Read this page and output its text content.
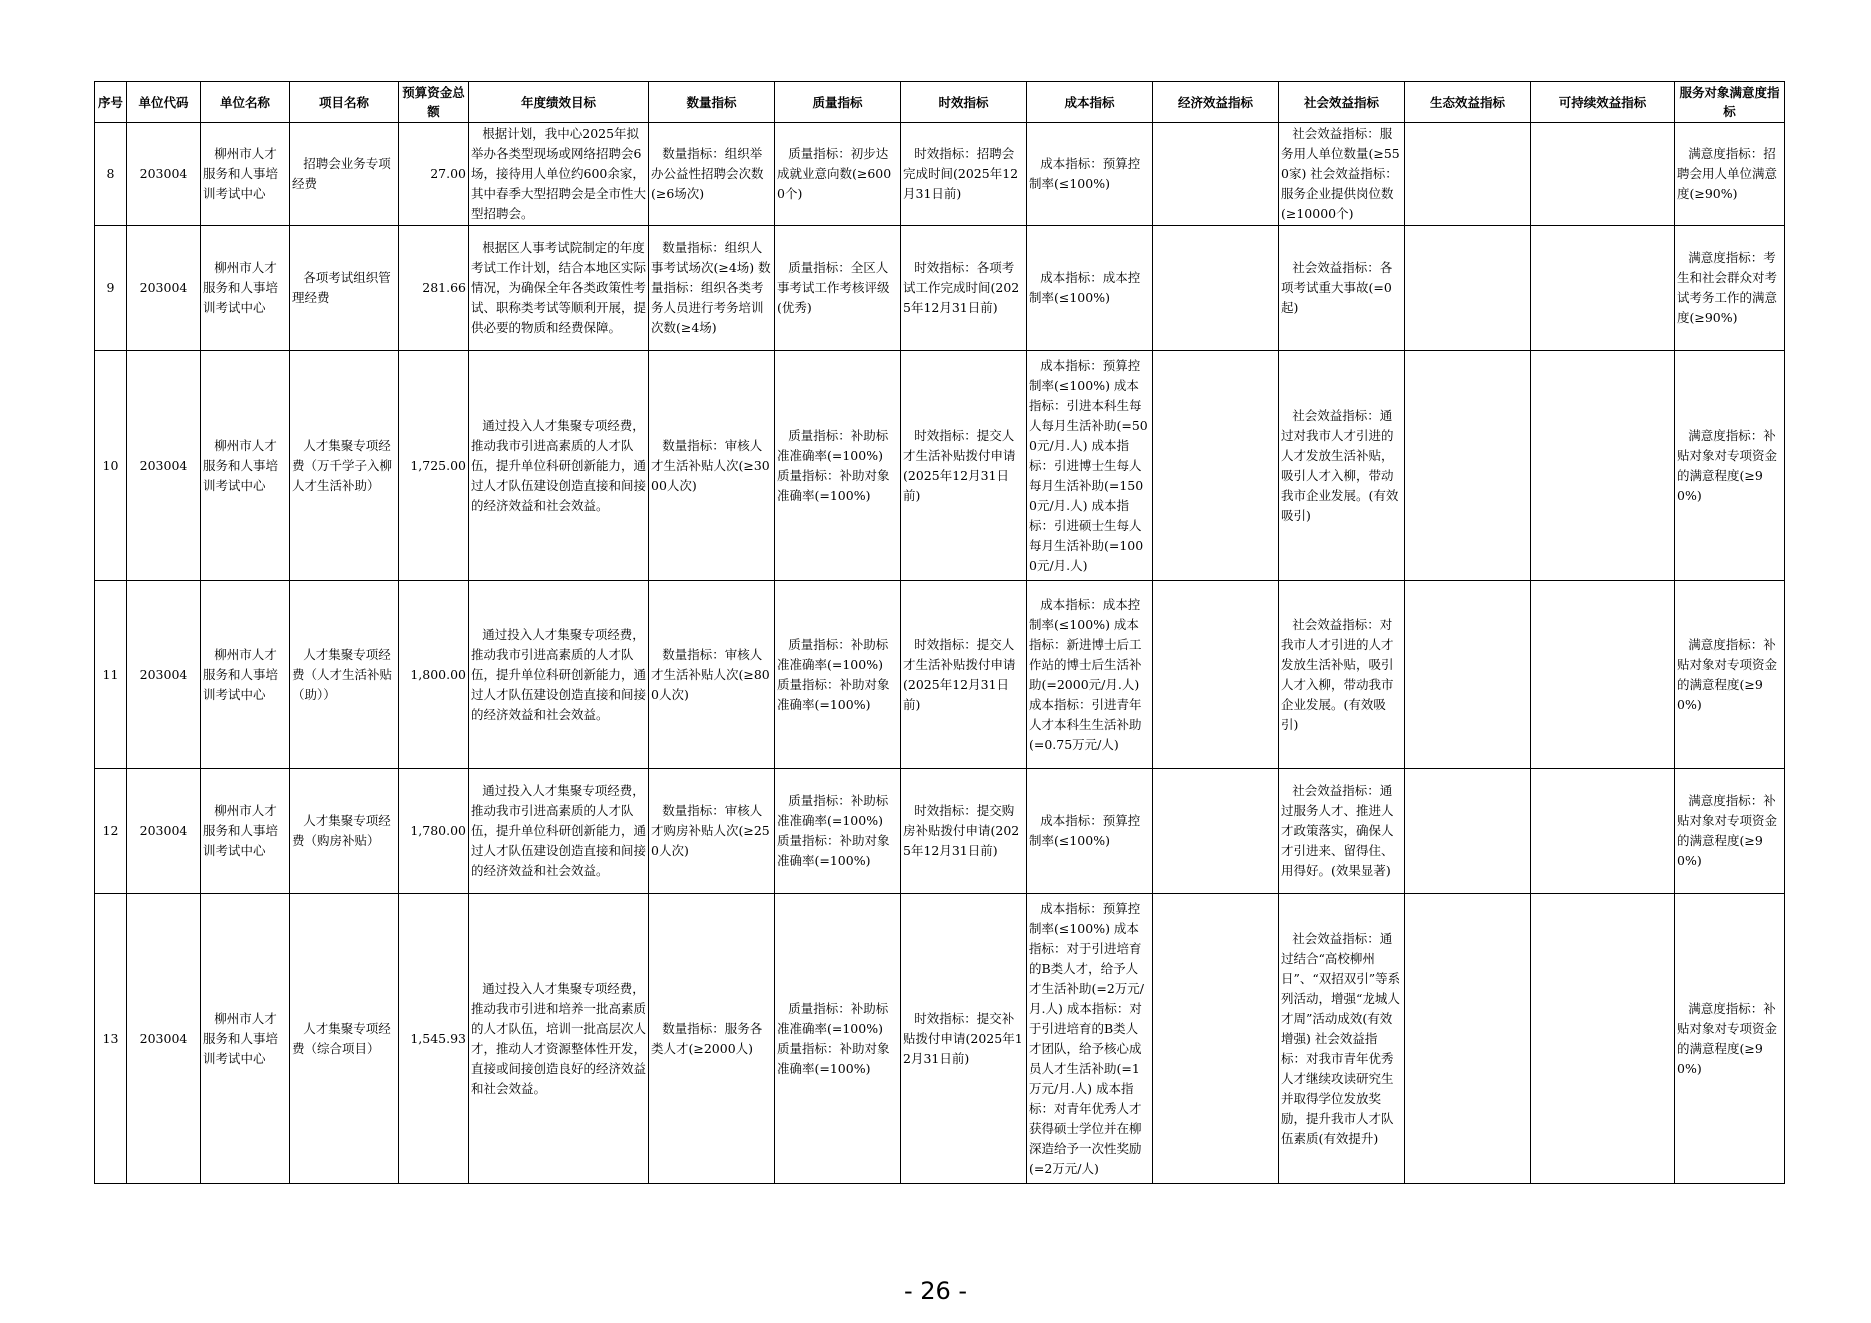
序号	单位代码	单位名称	项目名称	预算资金总额	年度绩效目标	数量指标	质量指标	时效指标	成本指标	经济效益指标	社会效益指标	生态效益指标	可持续效益指标	服务对象满意度指标
8	203004	柳州市人才服务和人事培训考试中心	招聘会业务专项经费	27.00	根据计划，我中心2025年拟举办各类型现场或网络招聘会6场，接待用人单位约600余家，其中春季大型招聘会是全市性大型招聘会。	数量指标：组织举办公益性招聘会次数(≥6场次)	质量指标：初步达成就业意向数(≥6000个)	时效指标：招聘会完成时间(2025年12月31日前)	成本指标：预算控制率(≤100%)		社会效益指标：服务用人单位数量(≥550家) 社会效益指标：服务企业提供岗位数(≥10000个)			满意度指标：招聘会用人单位满意度(≥90%)
9	203004	柳州市人才服务和人事培训考试中心	各项考试组织管理经费	281.66	根据区人事考试院制定的年度考试工作计划，结合本地区实际情况，为确保全年各类政策性考试、职称类考试等顺利开展，提供必要的物质和经费保障。	数量指标：组织人事考试场次(≥4场) 数量指标：组织各类考务人员进行考务培训次数(≥4场)	质量指标：全区人事考试工作考核评级(优秀)	时效指标：各项考试工作完成时间(2025年12月31日前)	成本指标：成本控制率(≤100%)		社会效益指标：各项考试重大事故(=0起)			满意度指标：考生和社会群众对考试考务工作的满意度(≥90%)
10	203004	柳州市人才服务和人事培训考试中心	人才集聚专项经费（万千学子入柳人才生活补助）	1,725.00	通过投入人才集聚专项经费，推动我市引进高素质的人才队伍，提升单位科研创新能力，通过人才队伍建设创造直接和间接的经济效益和社会效益。	数量指标：审核人才生活补贴人次(≥3000人次)	质量指标：补助标准准确率(=100%) 质量指标：补助对象准确率(=100%)	时效指标：提交人才生活补贴拨付申请(2025年12月31日前)	成本指标：预算控制率(≤100%) 成本指标：引进本科生每人每月生活补助(=500元/月.人) 成本指标：引进博士生每人每月生活补助(=1500元/月.人) 成本指标：引进硕士生每人每月生活补助(=1000元/月.人)		社会效益指标：通过对我市人才引进的人才发放生活补贴，吸引人才入柳，带动我市企业发展。(有效吸引)			满意度指标：补贴对象对专项资金的满意程度(≥90%)
11	203004	柳州市人才服务和人事培训考试中心	人才集聚专项经费（人才生活补贴（助））	1,800.00	通过投入人才集聚专项经费，推动我市引进高素质的人才队伍，提升单位科研创新能力，通过人才队伍建设创造直接和间接的经济效益和社会效益。	数量指标：审核人才生活补贴人次(≥800人次)	质量指标：补助标准准确率(=100%) 质量指标：补助对象准确率(=100%)	时效指标：提交人才生活补贴拨付申请(2025年12月31日前)	成本指标：成本控制率(≤100%) 成本指标：新进博士后工作站的博士后生活补助(=2000元/月.人) 成本指标：引进青年人才本科生生活补助(=0.75万元/人)		社会效益指标：对我市人才引进的人才发放生活补贴，吸引人才入柳，带动我市企业发展。(有效吸引)			满意度指标：补贴对象对专项资金的满意程度(≥90%)
12	203004	柳州市人才服务和人事培训考试中心	人才集聚专项经费（购房补贴）	1,780.00	通过投入人才集聚专项经费，推动我市引进高素质的人才队伍，提升单位科研创新能力，通过人才队伍建设创造直接和间接的经济效益和社会效益。	数量指标：审核人才购房补贴人次(≥250人次)	质量指标：补助标准准确率(=100%) 质量指标：补助对象准确率(=100%)	时效指标：提交购房补贴拨付申请(2025年12月31日前)	成本指标：预算控制率(≤100%)		社会效益指标：通过服务人才、推进人才政策落实，确保人才引进来、留得住、用得好。(效果显著)			满意度指标：补贴对象对专项资金的满意程度(≥90%)
13	203004	柳州市人才服务和人事培训考试中心	人才集聚专项经费（综合项目）	1,545.93	通过投入人才集聚专项经费，推动我市引进和培养一批高素质的人才队伍，培训一批高层次人才，推动人才资源整体性开发，直接或间接创造良好的经济效益和社会效益。	数量指标：服务各类人才(≥2000人)	质量指标：补助标准准确率(=100%) 质量指标：补助对象准确率(=100%)	时效指标：提交补贴拨付申请(2025年12月31日前)	成本指标：预算控制率(≤100%) 成本指标：对于引进培育的B类人才，给予人才生活补助(=2万元/月.人) 成本指标：对于引进培育的B类人才团队，给予核心成员人才生活补助(=1万元/月.人) 成本指标：对青年优秀人才获得硕士学位并在柳深造给予一次性奖励(=2万元/人)		社会效益指标：通过结合“高校柳州日”、“双招双引”等系列活动，增强“龙城人才周”活动成效(有效增强) 社会效益指标：对我市青年优秀人才继续攻读研究生并取得学位发放奖励，提升我市人才队伍素质(有效提升)			满意度指标：补贴对象对专项资金的满意程度(≥90%)
- 26 -
